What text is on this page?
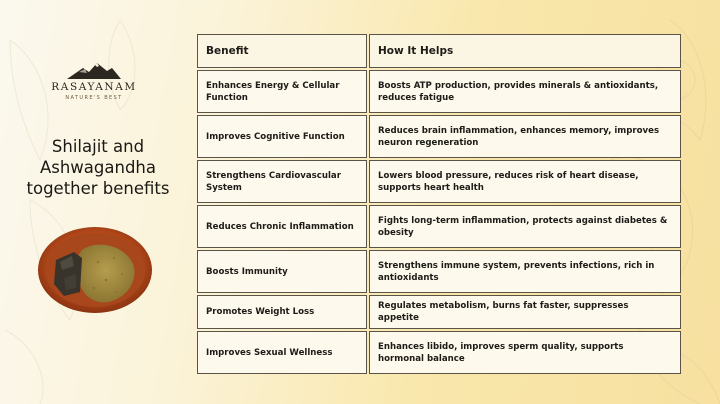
RASAYANAM
NATURE'S BEST
Shilajit and
Ashwagandha
together benefits
Benefit	How It Helps
Enhances Energy & Cellular Function
Boosts ATP production, provides minerals & antioxidants, reduces fatigue
Improves Cognitive Function
Reduces brain inflammation, enhances memory, improves neuron regeneration
Strengthens Cardiovascular System
Lowers blood pressure, reduces risk of heart disease, supports heart health
Reduces Chronic Inflammation
Fights long-term inflammation, protects against diabetes & obesity
Boosts Immunity
Strengthens immune system, prevents infections, rich in antioxidants
Promotes Weight Loss
Regulates metabolism, burns fat faster, suppresses appetite
Improves Sexual Wellness
Enhances libido, improves sperm quality, supports hormonal balance
